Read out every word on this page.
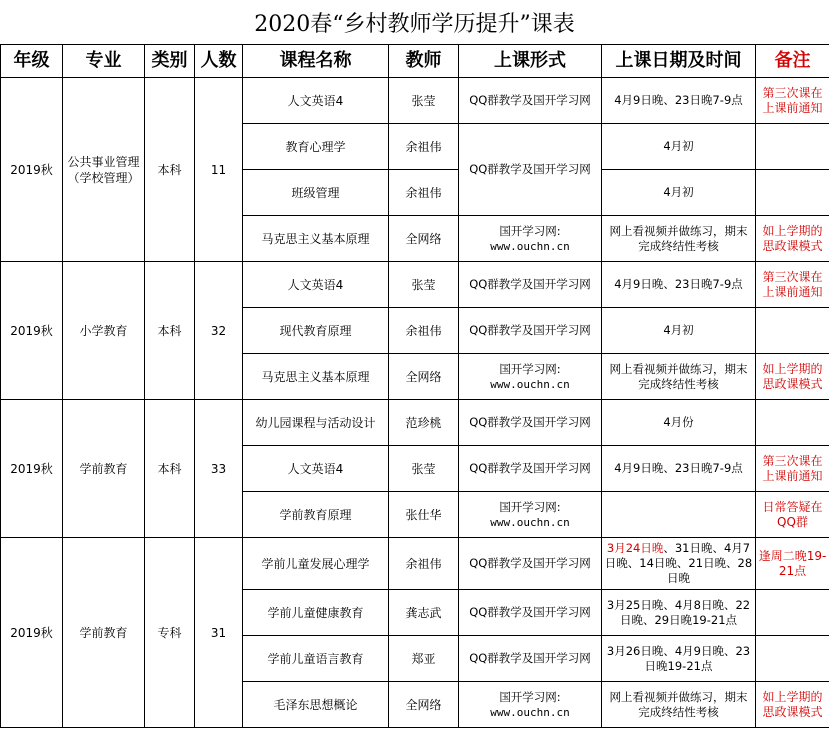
2020春“乡村教师学历提升”课表
年级	专业	类别	人数	课程名称	教师	上课形式	上课日期及时间	备注
2019秋	公共事业管理（学校管理）	本科	11	人文英语4	张莹	QQ群教学及国开学习网	4月9日晚、23日晚7-9点	第三次课在上课前通知
				教育心理学	余祖伟	QQ群教学及国开学习网	4月初	
				班级管理	余祖伟		4月初	
				马克思主义基本原理	全网络	国开学习网:
www.ouchn.cn	网上看视频并做练习，期末完成终结性考核	如上学期的思政课模式
2019秋	小学教育	本科	32	人文英语4	张莹	QQ群教学及国开学习网	4月9日晚、23日晚7-9点	第三次课在上课前通知
				现代教育原理	余祖伟	QQ群教学及国开学习网	4月初	
				马克思主义基本原理	全网络	国开学习网:
www.ouchn.cn	网上看视频并做练习，期末完成终结性考核	如上学期的思政课模式
2019秋	学前教育	本科	33	幼儿园课程与活动设计	范珍桃	QQ群教学及国开学习网	4月份	
				人文英语4	张莹	QQ群教学及国开学习网	4月9日晚、23日晚7-9点	第三次课在上课前通知
				学前教育原理	张仕华	国开学习网:
www.ouchn.cn		日常答疑在QQ群
2019秋	学前教育	专科	31	学前儿童发展心理学	余祖伟	QQ群教学及国开学习网	3月24日晚、31日晚、4月7日晚、14日晚、21日晚、28日晚	逢周二晚19-21点
				学前儿童健康教育	龚志武	QQ群教学及国开学习网	3月25日晚、4月8日晚、22日晚、29日晚19-21点	
				学前儿童语言教育	郑亚	QQ群教学及国开学习网	3月26日晚、4月9日晚、23日晚19-21点	
				毛泽东思想概论	全网络	国开学习网:
www.ouchn.cn	网上看视频并做练习，期末完成终结性考核	如上学期的思政课模式
